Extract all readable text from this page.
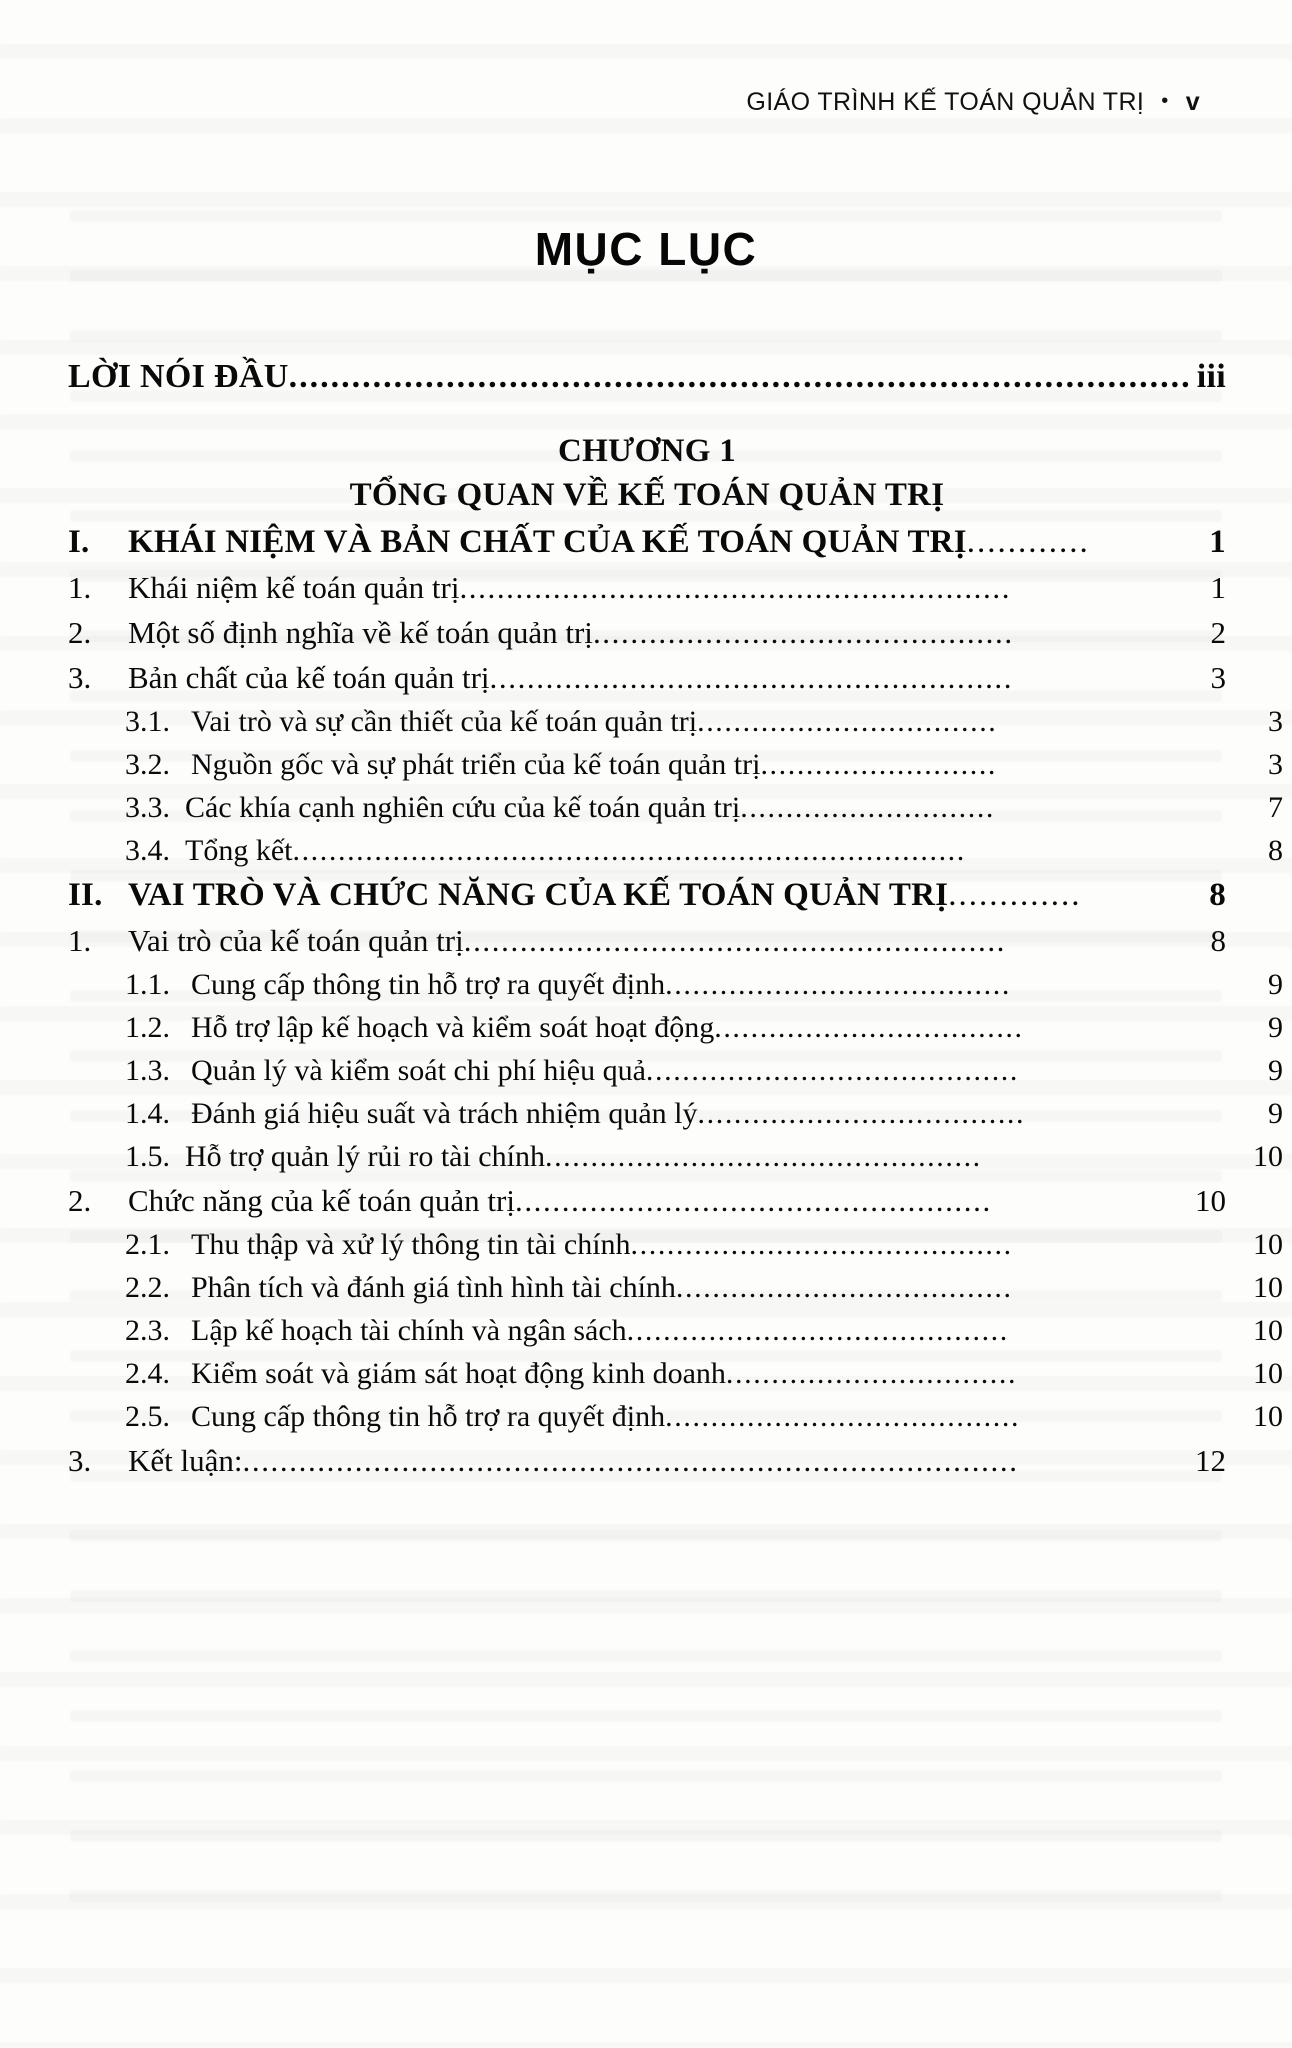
GIÁO TRÌNH KẾ TOÁN QUẢN TRỊ • v
MỤC LỤC
LỜI NÓI ĐẦU ...................................................................................... iii
CHƯƠNG 1
TỔNG QUAN VỀ KẾ TOÁN QUẢN TRỊ
I.	KHÁI NIỆM VÀ BẢN CHẤT CỦA KẾ TOÁN QUẢN TRỊ ............	1
1.	Khái niệm kế toán quản trị ...........................................................	1
2.	Một số định nghĩa về kế toán quản trị .............................................	2
3.	Bản chất của kế toán quản trị ........................................................	3
3.1. Vai trò và sự cần thiết của kế toán quản trị .................................	3
3.2. Nguồn gốc và sự phát triển của kế toán quản trị ..........................	3
3.3. Các khía cạnh nghiên cứu của kế toán quản trị ............................	7
3.4. Tổng kết ..........................................................................	8
II. VAI TRÒ VÀ CHỨC NĂNG CỦA KẾ TOÁN QUẢN TRỊ .............	8
1.	Vai trò của kế toán quản trị ..........................................................	8
1.1. Cung cấp thông tin hỗ trợ ra quyết định ......................................	9
1.2. Hỗ trợ lập kế hoạch và kiểm soát hoạt động ..................................	9
1.3. Quản lý và kiểm soát chi phí hiệu quả .........................................	9
1.4. Đánh giá hiệu suất và trách nhiệm quản lý ....................................	9
1.5. Hỗ trợ quản lý rủi ro tài chính ................................................	10
2.	Chức năng của kế toán quản trị ...................................................	10
2.1. Thu thập và xử lý thông tin tài chính ..........................................	10
2.2. Phân tích và đánh giá tình hình tài chính .....................................	10
2.3. Lập kế hoạch tài chính và ngân sách ..........................................	10
2.4. Kiểm soát và giám sát hoạt động kinh doanh ................................	10
2.5. Cung cấp thông tin hỗ trợ ra quyết định .......................................	10
3.	Kết luận: ...................................................................................	12
